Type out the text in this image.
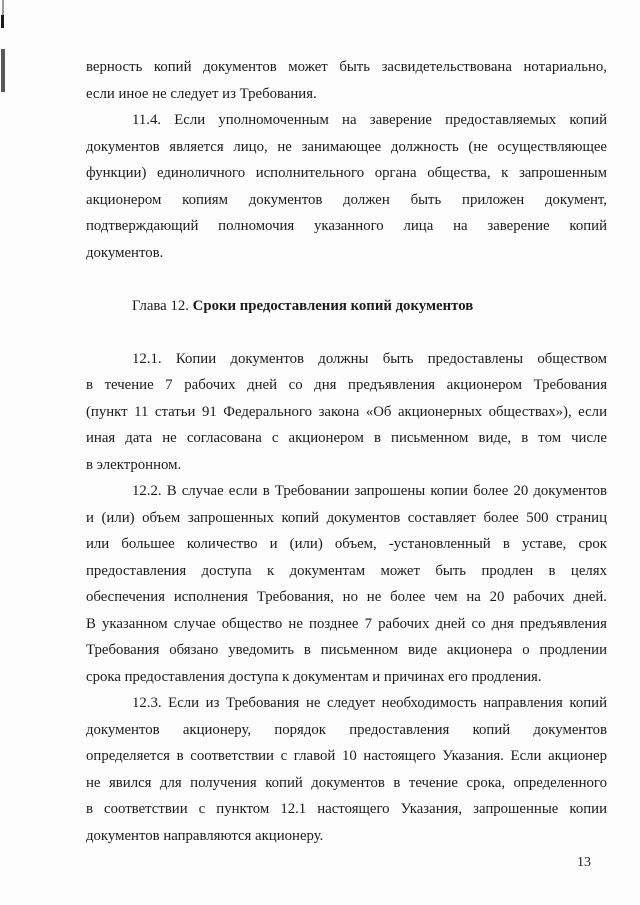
верность копий документов может быть засвидетельствована нотариально,
если иное не следует из Требования.
11.4. Если уполномоченным на заверение предоставляемых копий
документов является лицо, не занимающее должность (не осуществляющее
функции) единоличного исполнительного органа общества, к запрошенным
акционером копиям документов должен быть приложен документ,
подтверждающий полномочия указанного лица на заверение копий
документов.
Глава 12. Сроки предоставления копий документов
12.1. Копии документов должны быть предоставлены обществом
в течение 7 рабочих дней со дня предъявления акционером Требования
(пункт 11 статьи 91 Федерального закона «Об акционерных обществах»), если
иная дата не согласована с акционером в письменном виде, в том числе
в электронном.
12.2. В случае если в Требовании запрошены копии более 20 документов
и (или) объем запрошенных копий документов составляет более 500 страниц
или большее количество и (или) объем, -установленный в уставе, срок
предоставления доступа к документам может быть продлен в целях
обеспечения исполнения Требования, но не более чем на 20 рабочих дней.
В указанном случае общество не позднее 7 рабочих дней со дня предъявления
Требования обязано уведомить в письменном виде акционера о продлении
срока предоставления доступа к документам и причинах его продления.
12.3. Если из Требования не следует необходимость направления копий
документов акционеру, порядок предоставления копий документов
определяется в соответствии с главой 10 настоящего Указания. Если акционер
не явился для получения копий документов в течение срока, определенного
в соответствии с пунктом 12.1 настоящего Указания, запрошенные копии
документов направляются акционеру.
13
